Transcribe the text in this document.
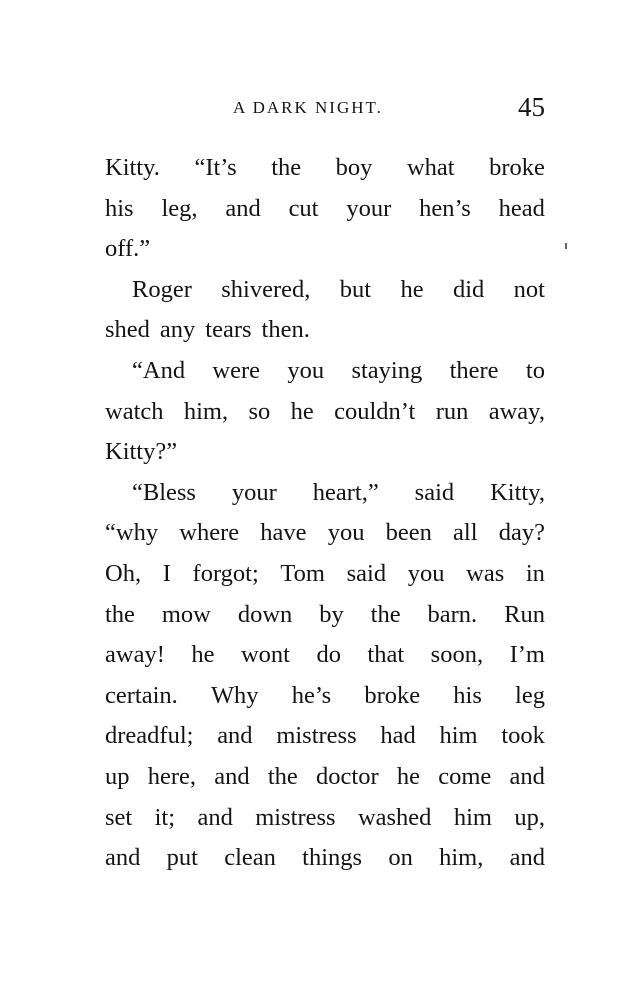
A DARK NIGHT.	45
Kitty. “It’s the boy what broke
his leg, and cut your hen’s head
off.”
Roger shivered, but he did not
shed any tears then.
“And were you staying there to
watch him, so he couldn’t run away,
Kitty?”
“Bless your heart,” said Kitty,
“why where have you been all day?
Oh, I forgot; Tom said you was in
the mow down by the barn. Run
away! he wont do that soon, I’m
certain. Why he’s broke his leg
dreadful; and mistress had him took
up here, and the doctor he come and
set it; and mistress washed him up,
and put clean things on him, and
